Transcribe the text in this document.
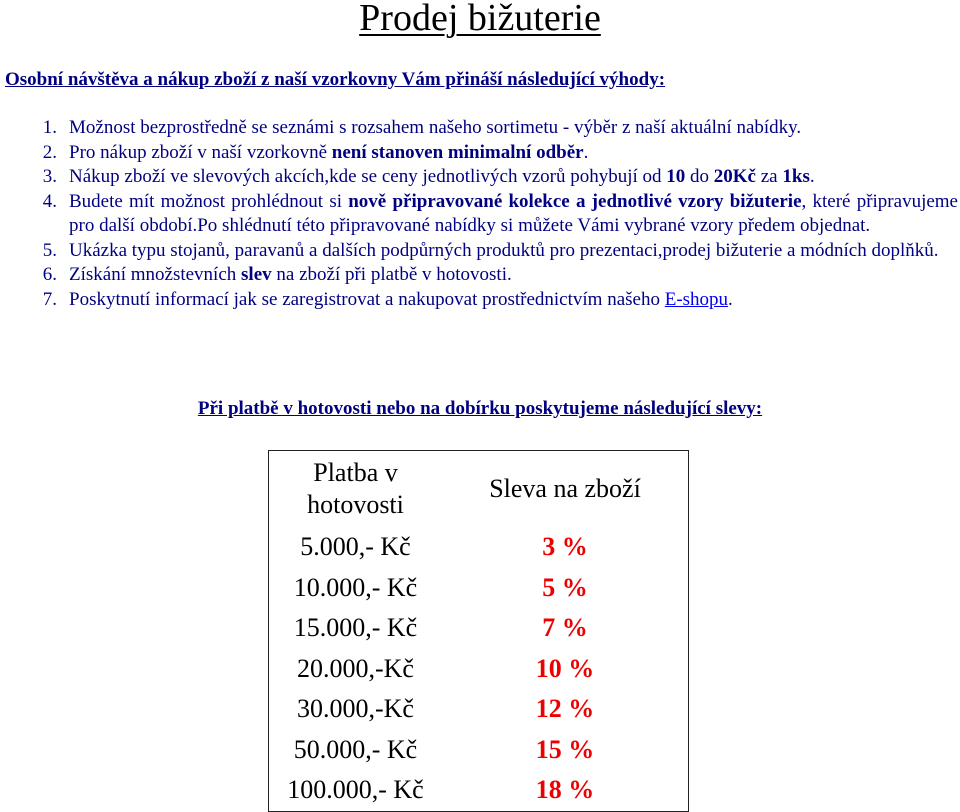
Prodej bižuterie

Osobní návštěva a nákup zboží z naší vzorkovny Vám přináší následující výhody:

1. Možnost bezprostředně se seznámi s rozsahem našeho sortimetu - výběr z naší aktuální nabídky.
2. Pro nákup zboží v naší vzorkovně není stanoven minimalní odběr.
3. Nákup zboží ve slevových akcích,kde se ceny jednotlivých vzorů pohybují od 10 do 20Kč za 1ks.
4. Budete mít možnost prohlédnout si nově připravované kolekce a jednotlivé vzory bižuterie, které připravujeme pro další období.Po shlédnutí této připravované nabídky si můžete Vámi vybrané vzory předem objednat.
5. Ukázka typu stojanů, paravanů a dalších podpůrných produktů pro prezentaci,prodej bižuterie a módních doplňků.
6. Získání množstevních slev na zboží při platbě v hotovosti.
7. Poskytnutí informací jak se zaregistrovat a nakupovat prostřednictvím našeho E-shopu.

Při platbě v hotovosti nebo na dobírku poskytujeme následující slevy:

Platba v hotovosti	Sleva na zboží
5.000,- Kč	3 %
10.000,- Kč	5 %
15.000,- Kč	7 %
20.000,-Kč	10 %
30.000,-Kč	12 %
50.000,- Kč	15 %
100.000,- Kč	18 %
